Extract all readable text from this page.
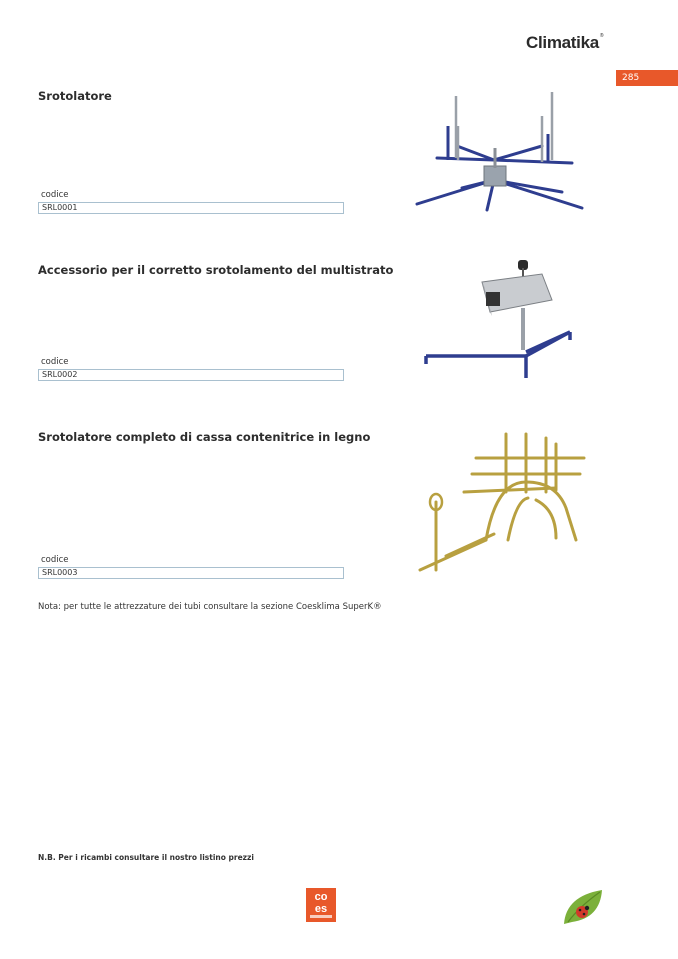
Climatika®
285
Srotolatore
codice
SRL0001
Accessorio per il corretto srotolamento del multistrato
codice
SRL0002
Srotolatore completo di cassa contenitrice in legno
codice
SRL0003
Nota: per tutte le attrezzature dei tubi consultare la sezione Coesklima SuperK®
N.B. Per i ricambi consultare il nostro listino prezzi
co
es
